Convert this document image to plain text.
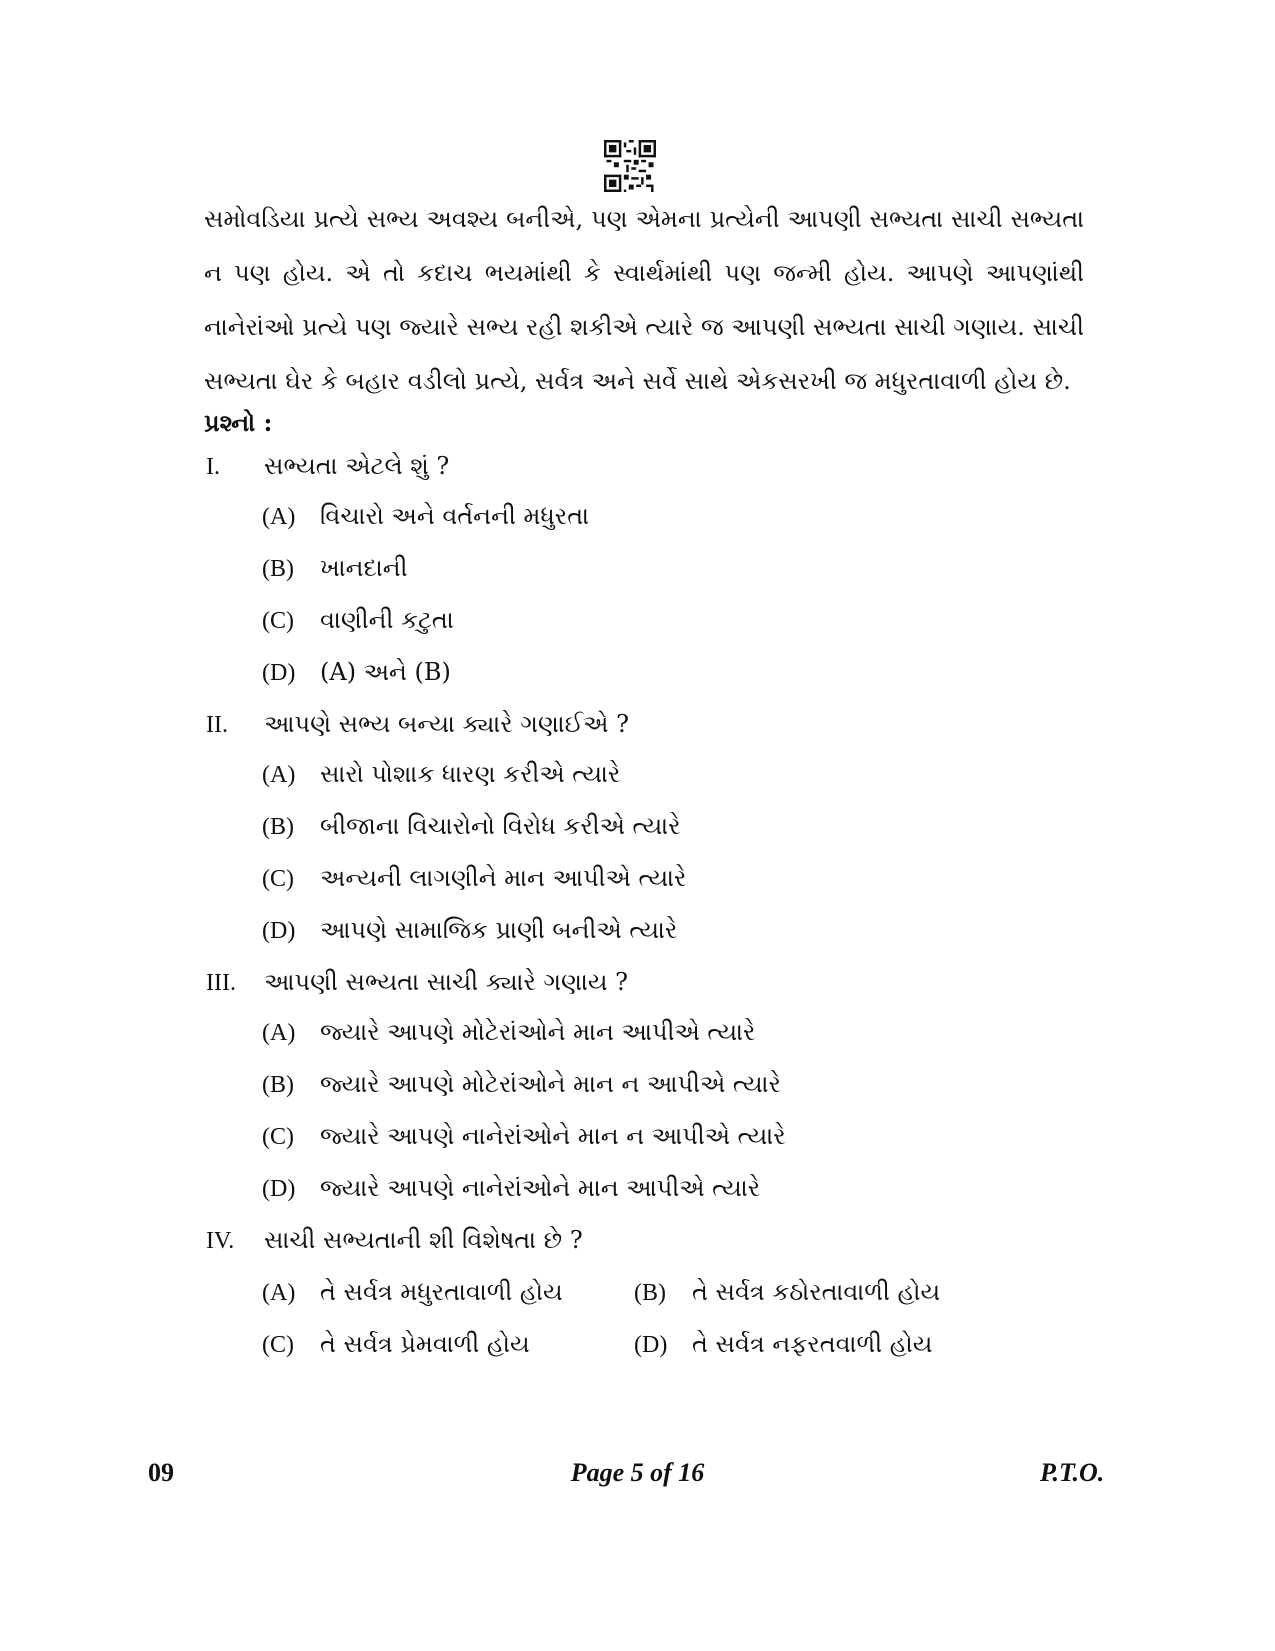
સમોવડિયા પ્રત્યે સભ્ય અવશ્ય બનીએ, પણ એમના પ્રત્યેની આપણી સભ્યતા સાચી સભ્યતા ન પણ હોય. એ તો કદાચ ભયમાંથી કે સ્વાર્થમાંથી પણ જન્મી હોય. આપણે આપણાંથી નાનેરાંઓ પ્રત્યે પણ જ્યારે સભ્ય રહી શકીએ ત્યારે જ આપણી સભ્યતા સાચી ગણાય. સાચી સભ્યતા ઘેર કે બહાર વડીલો પ્રત્યે, સર્વત્ર અને સર્વે સાથે એકસરખી જ મધુરતાવાળી હોય છે.

પ્રશ્નો :

I. સભ્યતા એટલે શું ?
(A) વિચારો અને વર્તનની મધુરતા
(B) ખાનદાની
(C) વાણીની કટુતા
(D) (A) અને (B)
II. આપણે સભ્ય બન્યા ક્યારે ગણાઈએ ?
(A) સારો પોશાક ધારણ કરીએ ત્યારે
(B) બીજાના વિચારોનો વિરોધ કરીએ ત્યારે
(C) અન્યની લાગણીને માન આપીએ ત્યારે
(D) આપણે સામાજિક પ્રાણી બનીએ ત્યારે
III. આપણી સભ્યતા સાચી ક્યારે ગણાય ?
(A) જ્યારે આપણે મોટેરાંઓને માન આપીએ ત્યારે
(B) જ્યારે આપણે મોટેરાંઓને માન ન આપીએ ત્યારે
(C) જ્યારે આપણે નાનેરાંઓને માન ન આપીએ ત્યારે
(D) જ્યારે આપણે નાનેરાંઓને માન આપીએ ત્યારે
IV. સાચી સભ્યતાની શી વિશેષતા છે ?
(A) તે સર્વત્ર મધુરતાવાળી હોય	(B) તે સર્વત્ર કઠોરતાવાળી હોય
(C) તે સર્વત્ર પ્રેમવાળી હોય	(D) તે સર્વત્ર નફરતવાળી હોય
09	Page 5 of 16	P.T.O.
